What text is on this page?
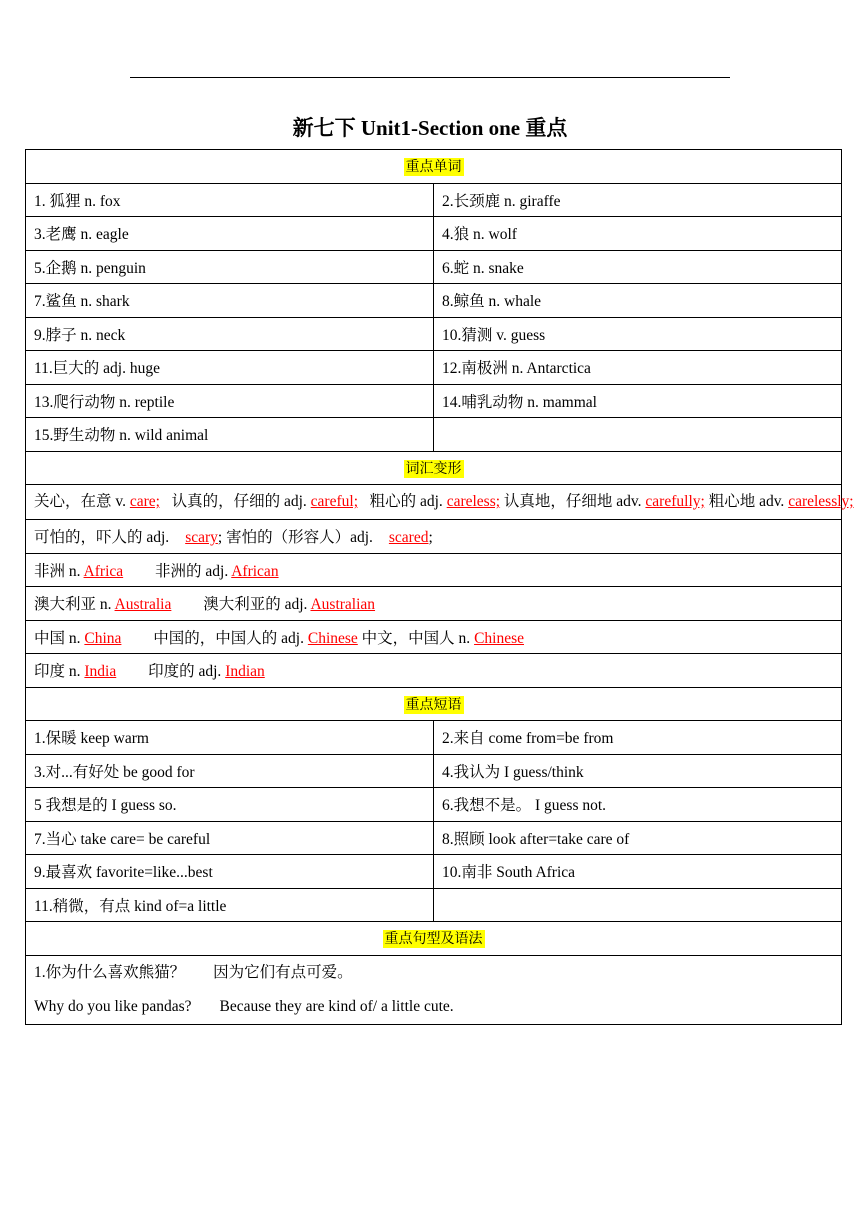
新七下 Unit1-Section one 重点
重点单词	
1. 狐狸 n. fox	2.长颈鹿 n. giraffe
3.老鹰 n. eagle	4.狼 n. wolf
5.企鹅 n. penguin	6.蛇 n. snake
7.鲨鱼 n. shark	8.鲸鱼 n. whale
9.脖子 n. neck	10.猜测 v. guess
11.巨大的 adj. huge	12.南极洲 n. Antarctica
13.爬行动物 n. reptile	14.哺乳动物 n. mammal
15.野生动物 n. wild animal	
词汇变形	
关心，在意 v. care; 认真的，仔细的 adj. careful; 粗心的 adj. careless; 认真地，仔细地 adv. carefully; 粗心地 adv. carelessly;	
可怕的，吓人的 adj. scary; 害怕的（形容人）adj. scared;	
非洲 n. Africa 非洲的 adj. African	
澳大利亚 n. Australia 澳大利亚的 adj. Australian	
中国 n. China 中国的，中国人的 adj. Chinese 中文，中国人 n. Chinese	
印度 n. India 印度的 adj. Indian	
重点短语	
1.保暖 keep warm	2.来自 come from=be from
3.对...有好处 be good for	4.我认为 I guess/think
5 我想是的 I guess so.	6.我想不是。 I guess not.
7.当心 take care= be careful	8.照顾 look after=take care of
9.最喜欢 favorite=like...best	10.南非 South Africa
11.稍微，有点 kind of=a little	
重点句型及语法	

1.你为什么喜欢熊猫？ 因为它们有点可爱。
Why do you like pandas? Because they are kind of/ a little cute.	
